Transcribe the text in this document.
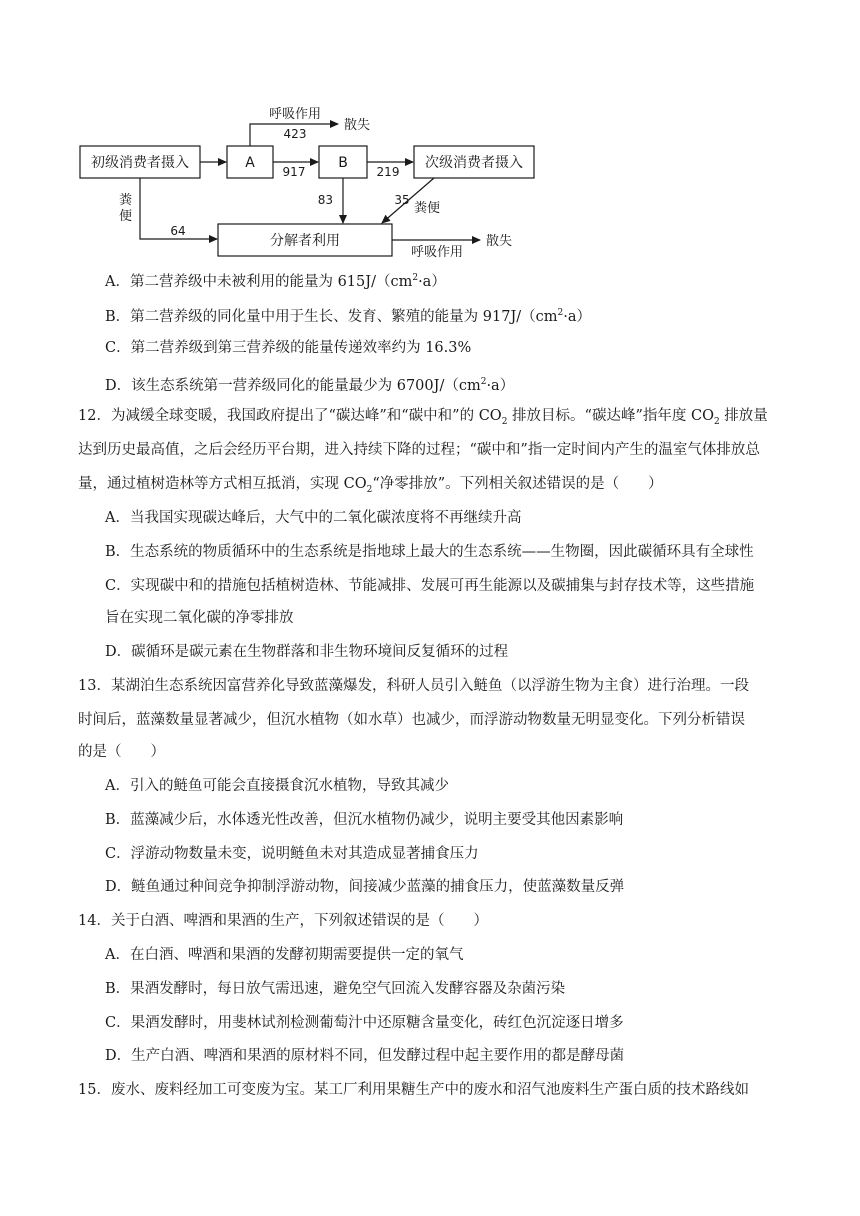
初级消费者摄入	A	B	次级消费者摄入
分解者利用
呼吸作用
散失
423
917	219
83	35
粪便
粪
便
64
呼吸作用
散失
A．第二营养级中未被利用的能量为 $615J/(cm^2\cdot a)$
B．第二营养级的同化量中用于生长、发育、繁殖的能量为 $917J/(cm^2\cdot a)$
C．第二营养级到第三营养级的能量传递效率约为 16.3%
D．该生态系统第一营养级同化的能量最少为 $6700J/(cm^2\cdot a)$
12．为减缓全球变暖，我国政府提出了“碳达峰”和“碳中和”的 $CO_2$ 排放目标。“碳达峰”指年度 $CO_2$ 排放量
达到历史最高值，之后会经历平台期，进入持续下降的过程；“碳中和”指一定时间内产生的温室气体排放总
量，通过植树造林等方式相互抵消，实现 $CO_2“$净零排放”。下列相关叙述错误的是（　　）
A．当我国实现碳达峰后，大气中的二氧化碳浓度将不再继续升高
B．生态系统的物质循环中的生态系统是指地球上最大的生态系统——生物圈，因此碳循环具有全球性
C．实现碳中和的措施包括植树造林、节能减排、发展可再生能源以及碳捕集与封存技术等，这些措施
旨在实现二氧化碳的净零排放
D．碳循环是碳元素在生物群落和非生物环境间反复循环的过程
13．某湖泊生态系统因富营养化导致蓝藻爆发，科研人员引入鲢鱼（以浮游生物为主食）进行治理。一段
时间后，蓝藻数量显著减少，但沉水植物（如水草）也减少，而浮游动物数量无明显变化。下列分析错误
的是（　　）
A．引入的鲢鱼可能会直接摄食沉水植物，导致其减少
B．蓝藻减少后，水体透光性改善，但沉水植物仍减少，说明主要受其他因素影响
C．浮游动物数量未变，说明鲢鱼未对其造成显著捕食压力
D．鲢鱼通过种间竞争抑制浮游动物，间接减少蓝藻的捕食压力，使蓝藻数量反弹
14．关于白酒、啤酒和果酒的生产，下列叙述错误的是（　　）
A．在白酒、啤酒和果酒的发酵初期需要提供一定的氧气
B．果酒发酵时，每日放气需迅速，避免空气回流入发酵容器及杂菌污染
C．果酒发酵时，用斐林试剂检测葡萄汁中还原糖含量变化，砖红色沉淀逐日增多
D．生产白酒、啤酒和果酒的原材料不同，但发酵过程中起主要作用的都是酵母菌
15．废水、废料经加工可变废为宝。某工厂利用果糖生产中的废水和沼气池废料生产蛋白质的技术路线如
